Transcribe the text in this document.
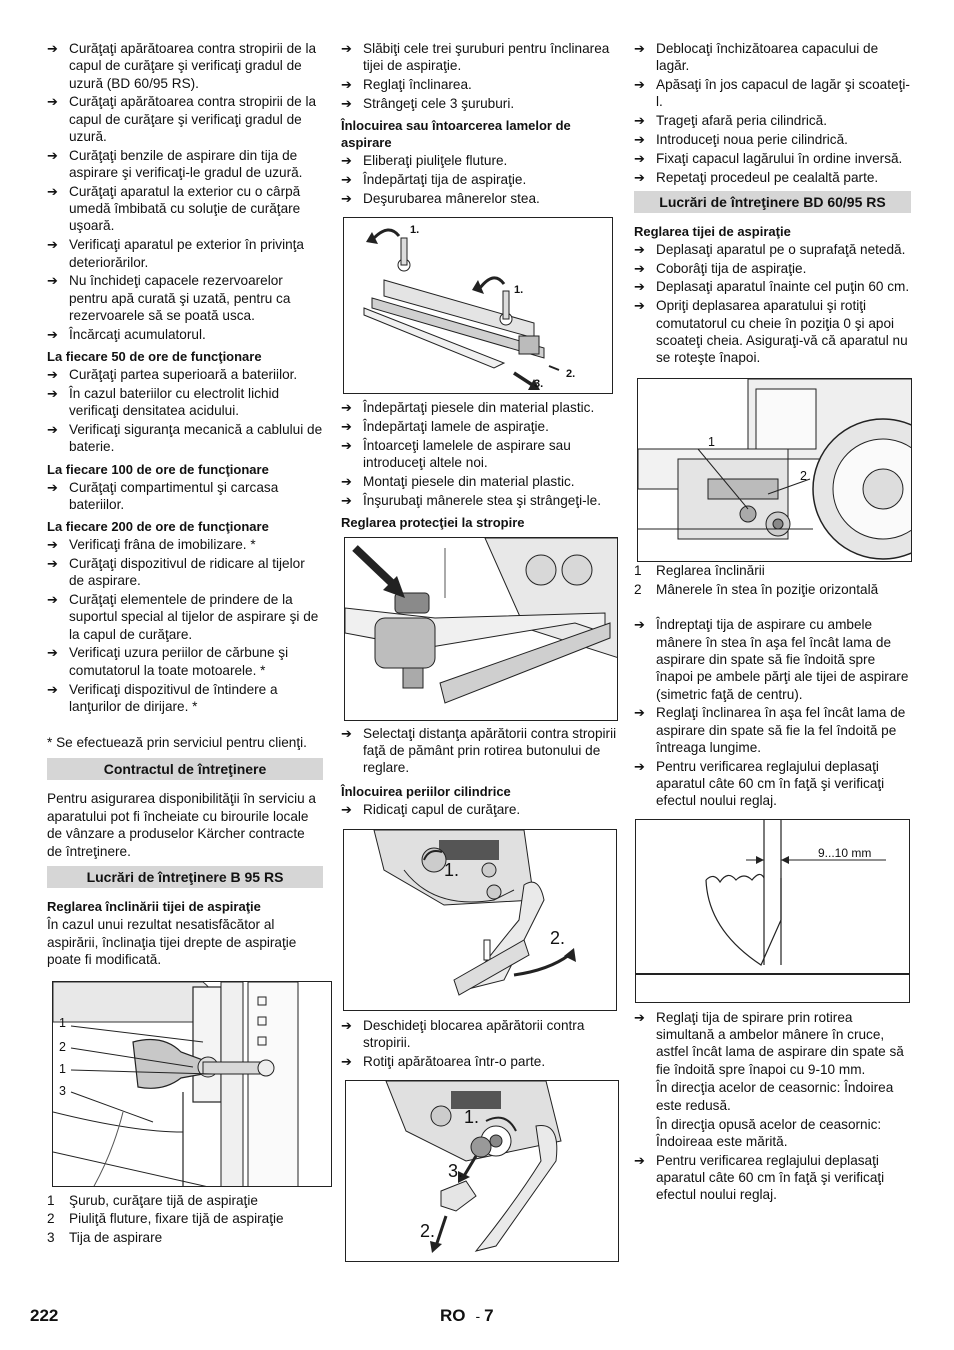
➔ Curăţaţi apărătoarea contra stropirii de la capul de curăţare şi verificaţi gradul de uzură (BD 60/95 RS).
➔ Curăţaţi apărătoarea contra stropirii de la capul de curăţare şi verificaţi gradul de uzură.
➔ Curăţaţi benzile de aspirare din tija de aspirare şi verificaţi-le gradul de uzură.
➔ Curăţaţi aparatul la exterior cu o cârpă umedă îmbibată cu soluţie de curăţare uşoară.
➔ Verificaţi aparatul pe exterior în privinţa deteriorărilor.
➔ Nu închideţi capacele rezervoarelor pentru apă curată şi uzată, pentru ca rezervoarele să se poată usca.
➔ Încărcaţi acumulatorul.
La fiecare 50 de ore de funcţionare
➔ Curăţaţi partea superioară a bateriilor.
➔ În cazul bateriilor cu electrolit lichid verificaţi densitatea acidului.
➔ Verificaţi siguranţa mecanică a cablului de baterie.
La fiecare 100 de ore de funcţionare
➔ Curăţaţi compartimentul şi carcasa bateriilor.
La fiecare 200 de ore de funcţionare
➔ Verificaţi frâna de imobilizare. *
➔ Curăţaţi dispozitivul de ridicare al tijelor de aspirare.
➔ Curăţaţi elementele de prindere de la suportul special al tijelor de aspirare şi de la capul de curăţare.
➔ Verificaţi uzura periilor de cărbune şi comutatorul la toate motoarele. *
➔ Verificaţi dispozitivul de întindere a lanţurilor de dirijare. *
* Se efectuează prin serviciul pentru clienţi.
Contractul de întreţinere
Pentru asigurarea disponibilităţii în serviciu a aparatului pot fi încheiate cu birourile locale de vânzare a produselor Kärcher contracte de întreţinere.
Lucrări de întreţinere B 95 RS
Reglarea înclinării tijei de aspiraţie
În cazul unui rezultat nesatisfăcător al aspirării, înclinaţia tijei drepte de aspiraţie poate fi modificată.
1
2
1
3
1	Şurub, curăţare tijă de aspiraţie
2	Piuliţă fluture, fixare tijă de aspiraţie
3	Tija de aspirare
➔ Slăbiţi cele trei şuruburi pentru înclinarea tijei de aspiraţie.
➔ Reglaţi înclinarea.
➔ Strângeţi cele 3 şuruburi.
Înlocuirea sau întoarcerea lamelor de aspirare
➔ Eliberaţi piuliţele fluture.
➔ Îndepărtaţi tija de aspiraţie.
➔ Deşurubarea mânerelor stea.
1.
1.
2.
3.
➔ Îndepărtaţi piesele din material plastic.
➔ Îndepărtaţi lamele de aspiraţie.
➔ Întoarceţi lamelele de aspirare sau introduceţi altele noi.
➔ Montaţi piesele din material plastic.
➔ Înşurubaţi mânerele stea şi strângeţi-le.
Reglarea protecţiei la stropire
➔ Selectaţi distanţa apărătorii contra stropirii faţă de pământ prin rotirea butonului de reglare.
Înlocuirea periilor cilindrice
➔ Ridicaţi capul de curăţare.
1.
2.
➔ Deschideţi blocarea apărătorii contra stropirii.
➔ Rotiţi apărătoarea într-o parte.
1.
3.
2.
➔ Deblocaţi închizătoarea capacului de lagăr.
➔ Apăsaţi în jos capacul de lagăr şi scoateţi-l.
➔ Trageţi afară peria cilindrică.
➔ Introduceţi noua perie cilindrică.
➔ Fixaţi capacul lagărului în ordine inversă.
➔ Repetaţi procedeul pe cealaltă parte.
Lucrări de întreţinere BD 60/95 RS
Reglarea tijei de aspiraţie
➔ Deplasaţi aparatul pe o suprafaţă netedă.
➔ Coborâţi tija de aspiraţie.
➔ Deplasaţi aparatul înainte cel puţin 60 cm.
➔ Opriţi deplasarea aparatului şi rotiţi comutatorul cu cheie în poziţia 0 şi apoi scoateţi cheia. Asiguraţi-vă că aparatul nu se roteşte înapoi.
1
2
1	Reglarea înclinării
2	Mânerele în stea în poziţie orizontală
➔ Îndreptaţi tija de aspirare cu ambele mânere în stea în aşa fel încât lama de aspirare din spate să fie îndoită spre înapoi pe ambele părţi ale tijei de aspirare (simetric faţă de centru).
➔ Reglaţi înclinarea în aşa fel încât lama de aspirare din spate să fie la fel îndoită pe întreaga lungime.
➔ Pentru verificarea reglajului deplasaţi aparatul câte 60 cm în faţă şi verificaţi efectul noului reglaj.
9...10 mm
➔ Reglaţi tija de spirare prin rotirea simultană a ambelor mânere în cruce, astfel încât lama de aspirare din spate să fie îndoită spre înapoi cu 9-10 mm.
În direcţia acelor de ceasornic: Îndoirea este redusă.
În direcţia opusă acelor de ceasornic: Îndoireaa este mărită.
➔ Pentru verificarea reglajului deplasaţi aparatul câte 60 cm în faţă şi verificaţi efectul noului reglaj.
222	RO - 7
